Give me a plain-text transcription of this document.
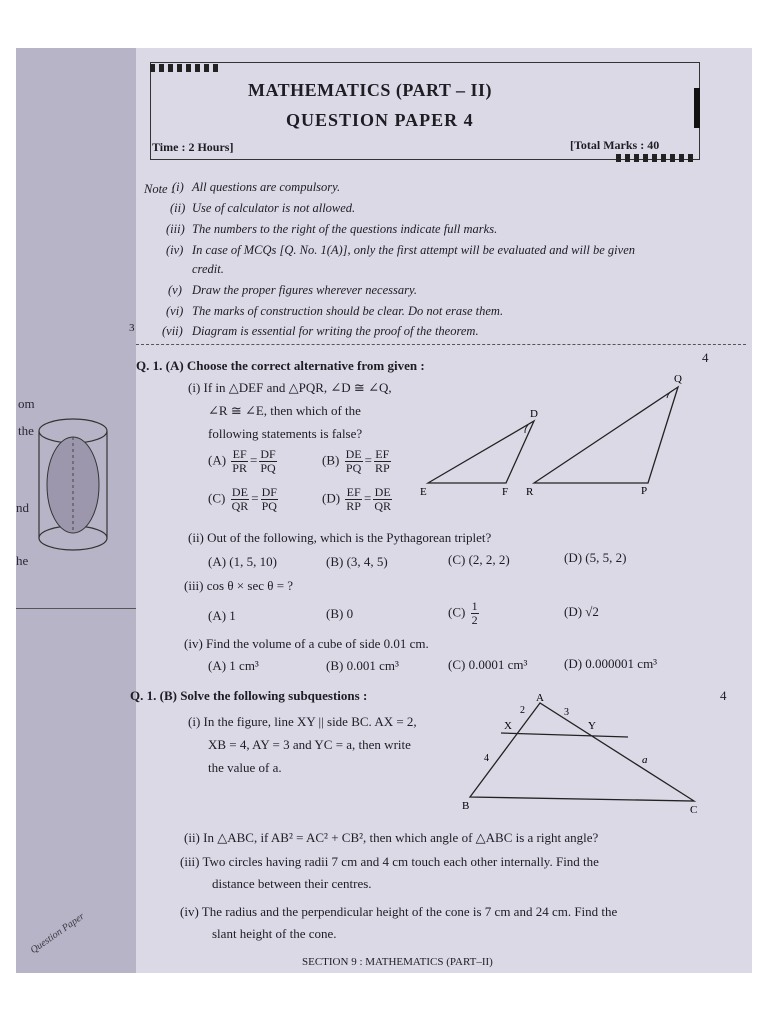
om
the
nd
he
Question Paper
MATHEMATICS (PART – II)
QUESTION PAPER 4
Time : 2 Hours]	[Total Marks : 40
Note :
(i) All questions are compulsory.
(ii) Use of calculator is not allowed.
(iii) The numbers to the right of the questions indicate full marks.
(iv) In case of MCQs [Q. No. 1(A)], only the first attempt will be evaluated and will be given
credit.
(v) Draw the proper figures wherever necessary.
(vi) The marks of construction should be clear. Do not erase them.
(vii) Diagram is essential for writing the proof of the theorem.
3
Q. 1. (A) Choose the correct alternative from given :
4
(i) If in △DEF and △PQR, ∠D ≅ ∠Q,
∠R ≅ ∠E, then which of the
following statements is false?
$(A) \frac{EF}{PR} = \frac{DF}{PQ}$	$(B) \frac{DE}{PQ} = \frac{EF}{RP}$
$(C) \frac{DE}{QR} = \frac{DF}{PQ}$	$(D) \frac{EF}{RP} = \frac{DE}{QR}$
D
E	F R	P
Q
(ii) Out of the following, which is the Pythagorean triplet?
(A) (1, 5, 10)	(B) (3, 4, 5)	(C) (2, 2, 2)	(D) (5, 5, 2)
(iii) cos θ × sec θ = ?
(A) 1	(B) 0	$(C) \frac{1}{2}$	(D) √2
(iv) Find the volume of a cube of side 0.01 cm.
(A) 1 cm³	(B) 0.001 cm³	(C) 0.0001 cm³	(D) 0.000001 cm³
Q. 1. (B) Solve the following subquestions :	4
(i) In the figure, line XY || side BC. AX = 2,
XB = 4, AY = 3 and YC = a, then write
the value of a.
A
B	C
X	Y
2	3
4	a
(ii) In △ABC, if AB² = AC² + CB², then which angle of △ABC is a right angle?
(iii) Two circles having radii 7 cm and 4 cm touch each other internally. Find the
distance between their centres.
(iv) The radius and the perpendicular height of the cone is 7 cm and 24 cm. Find the
slant height of the cone.
SECTION 9 : MATHEMATICS (PART–II)
